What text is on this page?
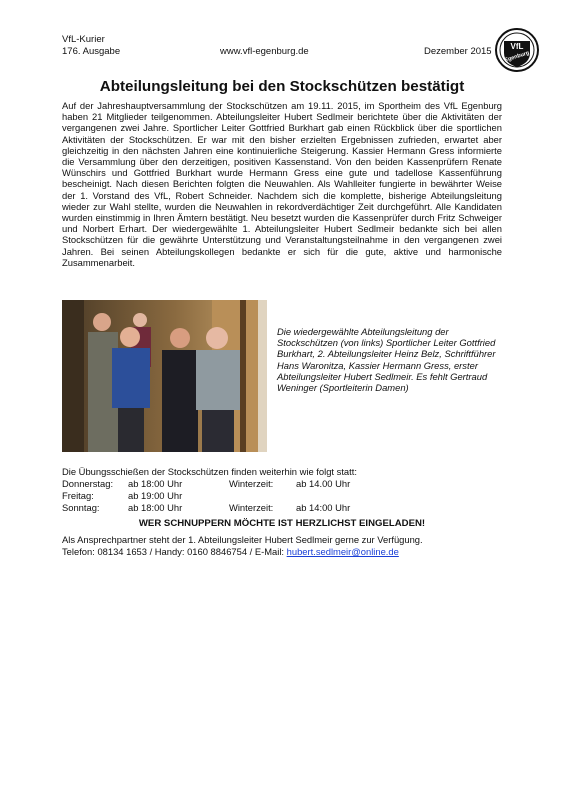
VfL-Kurier
176. Ausgabe	www.vfl-egenburg.de	Dezember 2015 VfL
Egenburg
Abteilungsleitung bei den Stockschützen bestätigt

Auf der Jahreshauptversammlung der Stockschützen am 19.11. 2015, im Sportheim des VfL Egenburg haben 21 Mitglieder teilgenommen. Abteilungsleiter Hubert Sedlmeir berichtete über die Aktivitäten der vergangenen zwei Jahre. Sportlicher Leiter Gottfried Burkhart gab einen Rückblick über die sportlichen Aktivitäten der Stockschützen. Er war mit den bisher erzielten Ergebnissen zufrieden, erwartet aber gleichzeitig in den nächsten Jahren eine kontinuierliche Steigerung. Kassier Hermann Gress informierte die Versammlung über den derzeitigen, positiven Kassenstand. Von den beiden Kassenprüfern Renate Wünschirs und Gottfried Burkhart wurde Hermann Gress eine gute und tadellose Kassenführung bescheinigt. Nach diesen Berichten folgten die Neuwahlen. Als Wahlleiter fungierte in bewährter Weise der 1. Vorstand des VfL, Robert Schneider. Nachdem sich die komplette, bisherige Abteilungsleitung wieder zur Wahl stellte, wurden die Neuwahlen in rekordverdächtiger Zeit durchgeführt. Alle Kandidaten wurden einstimmig in Ihren Ämtern bestätigt. Neu besetzt wurden die Kassenprüfer durch Fritz Schweiger und Norbert Erhart. Der wiedergewählte 1. Abteilungsleiter Hubert Sedlmeir bedankte sich bei allen Stockschützen für die gewährte Unterstützung und Veranstaltungsteilnahme in den vergangenen zwei Jahren. Bei seinen Abteilungskollegen bedankte er sich für die gute, aktive und harmonische Zusammenarbeit.

Die wiedergewählte Abteilungsleitung der Stockschützen (von links) Sportlicher Leiter Gottfried Burkhart, 2. Abteilungsleiter Heinz Belz, Schriftführer Hans Waronitza, Kassier Hermann Gress, erster Abteilungsleiter Hubert Sedlmeir. Es fehlt Gertraud Weninger (Sportleiterin Damen)

Die Übungsschießen der Stockschützen finden weiterhin wie folgt statt:
Donnerstag: ab 18:00 Uhr	Winterzeit: ab 14.00 Uhr
Freitag:	ab 19:00 Uhr
Sonntag:	ab 18:00 Uhr	Winterzeit: ab 14:00 Uhr
WER SCHNUPPERN MÖCHTE IST HERZLICHST EINGELADEN!
Als Ansprechpartner steht der 1. Abteilungsleiter Hubert Sedlmeir gerne zur Verfügung.
Telefon: 08134 1653 / Handy: 0160 8846754 / E-Mail: hubert.sedlmeir@online.de
